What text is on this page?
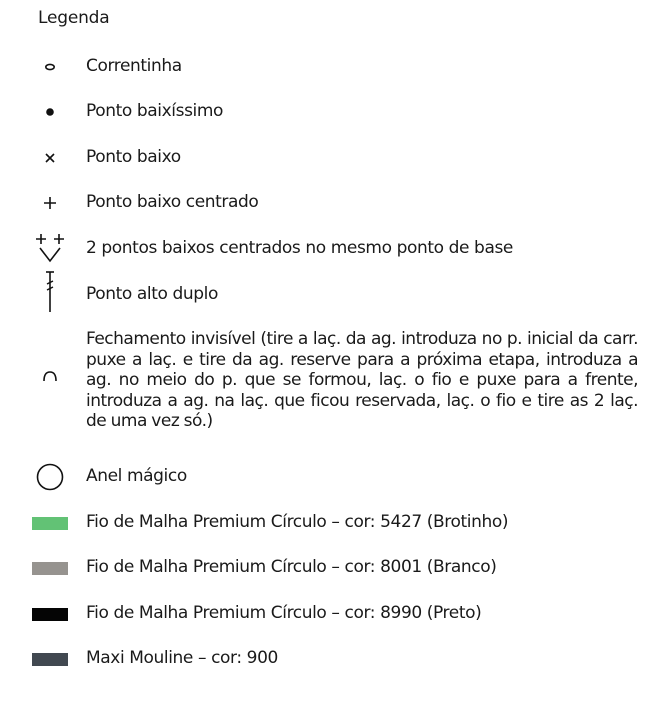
Legenda
Correntinha
Ponto baixíssimo
Ponto baixo
Ponto baixo centrado
2 pontos baixos centrados no mesmo ponto de base
Ponto alto duplo
Fechamento invisível (tire a laç. da ag. introduza no p. inicial da carr. puxe a laç. e tire da ag. reserve para a próxima etapa, introduza a ag. no meio do p. que se formou, laç. o fio e puxe para a frente, introduza a ag. na laç. que ficou reservada, laç. o fio e tire as 2 laç. de uma vez só.)
Anel mágico
Fio de Malha Premium Círculo – cor: 5427 (Brotinho)
Fio de Malha Premium Círculo – cor: 8001 (Branco)
Fio de Malha Premium Círculo – cor: 8990 (Preto)
Maxi Mouline – cor: 900
